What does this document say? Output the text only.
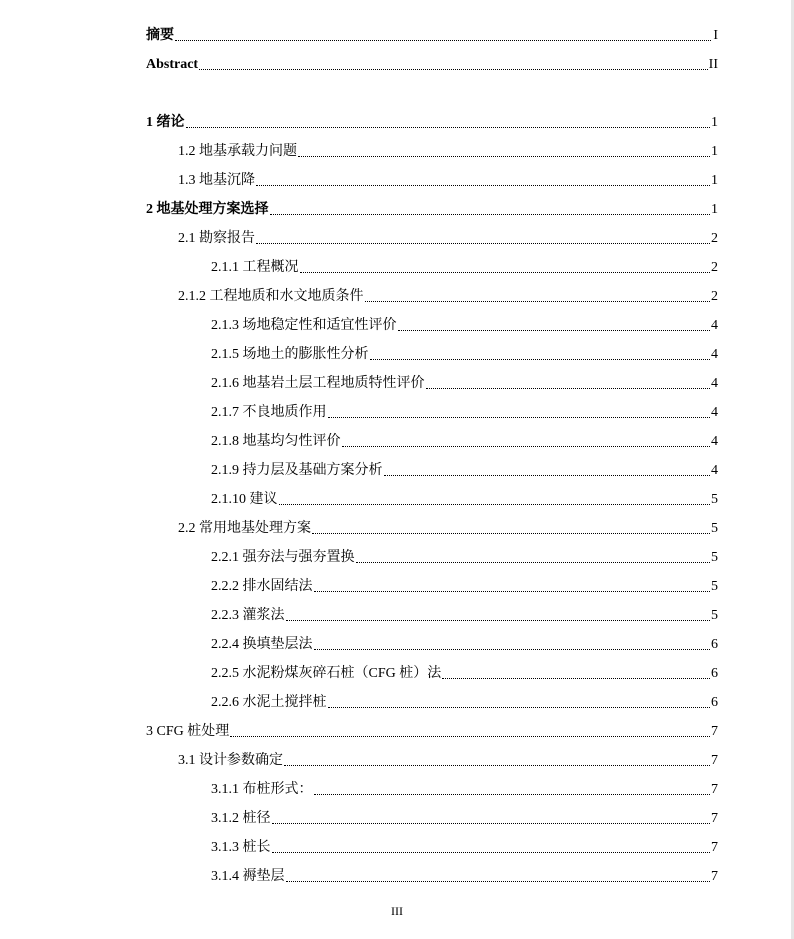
摘要	I
Abstract	II
1 绪论	1
1.2 地基承载力问题	1
1.3 地基沉降	1
2 地基处理方案选择	1
2.1 勘察报告	2
2.1.1 工程概况	2
2.1.2 工程地质和水文地质条件	2
2.1.3 场地稳定性和适宜性评价	4
2.1.5 场地土的膨胀性分析	4
2.1.6 地基岩土层工程地质特性评价	4
2.1.7 不良地质作用	4
2.1.8 地基均匀性评价	4
2.1.9 持力层及基础方案分析	4
2.1.10 建议	5
2.2 常用地基处理方案	5
2.2.1 强夯法与强夯置换	5
2.2.2 排水固结法	5
2.2.3 灌浆法	5
2.2.4 换填垫层法	6
2.2.5 水泥粉煤灰碎石桩（CFG 桩）法	6
2.2.6 水泥土搅拌桩	6
3 CFG 桩处理	7
3.1 设计参数确定	7
3.1.1 布桩形式：	7
3.1.2 桩径	7
3.1.3 桩长	7
3.1.4 褥垫层	7
III
